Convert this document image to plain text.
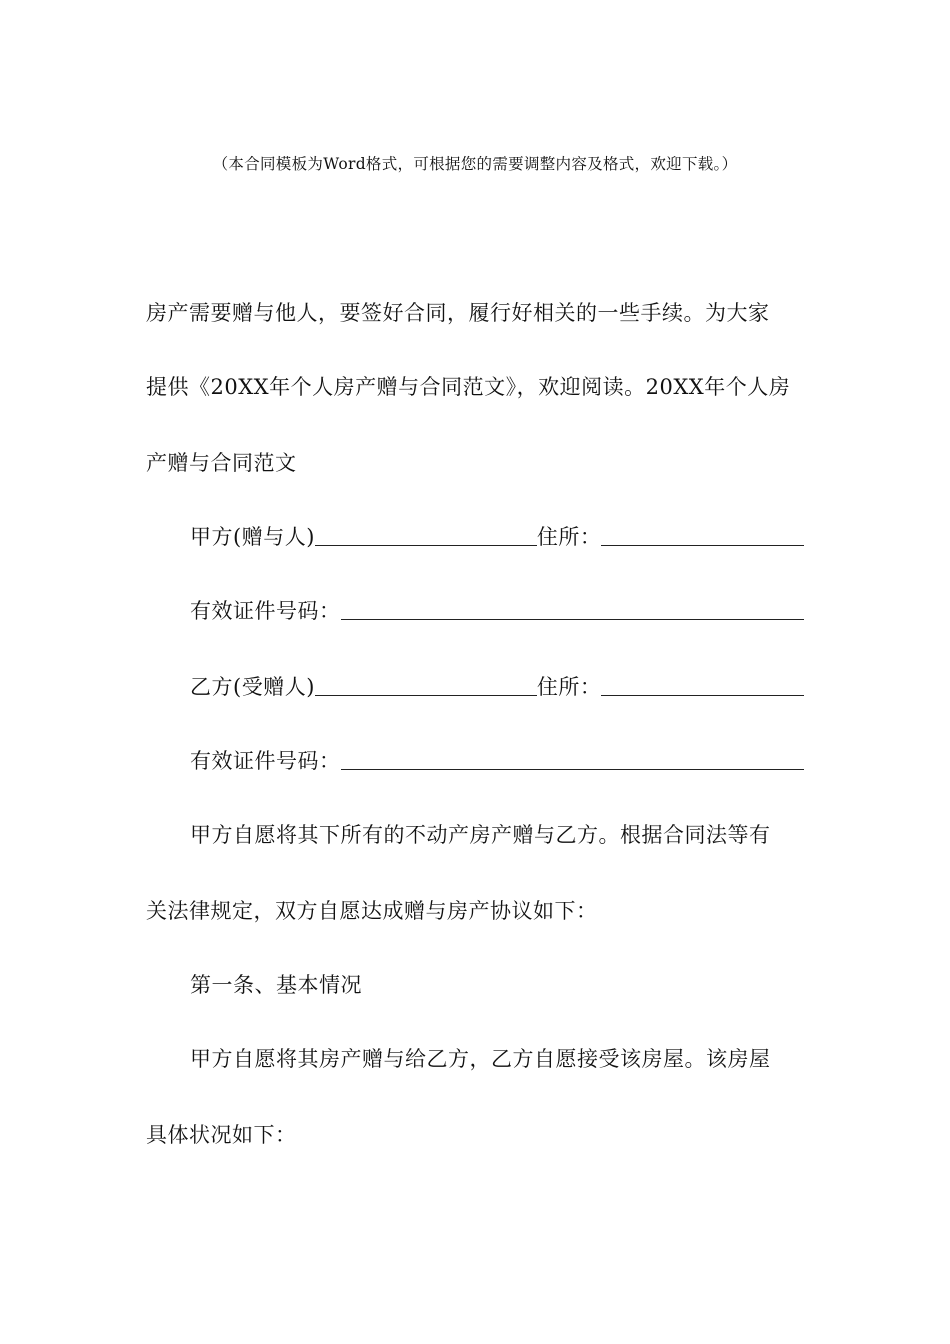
（本合同模板为Word格式，可根据您的需要调整内容及格式，欢迎下载。）
房产需要赠与他人，要签好合同，履行好相关的一些手续。为大家
提供《20XX年个人房产赠与合同范文》，欢迎阅读。20XX年个人房
产赠与合同范文
甲方(赠与人)	住所：
有效证件号码：
乙方(受赠人)	住所：
有效证件号码：
甲方自愿将其下所有的不动产房产赠与乙方。根据合同法等有
关法律规定，双方自愿达成赠与房产协议如下：
第一条、基本情况
甲方自愿将其房产赠与给乙方，乙方自愿接受该房屋。该房屋
具体状况如下：
